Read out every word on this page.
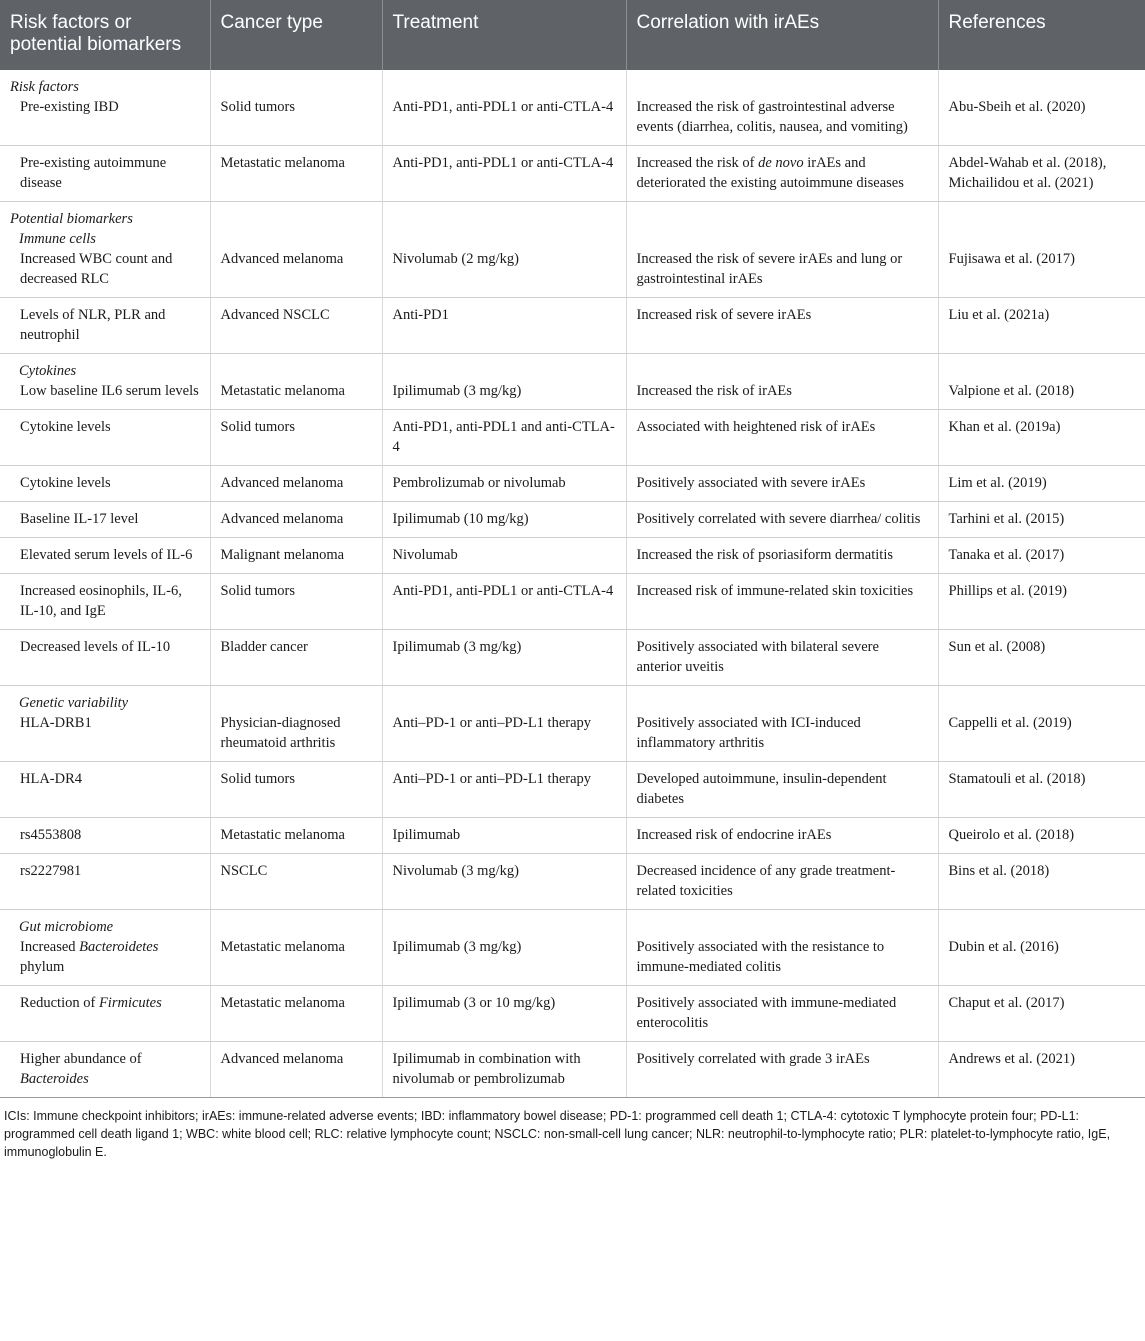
Risk factors or potential biomarkers	Cancer type	Treatment	Correlation with irAEs	References

Risk factors
Pre-existing IBD	Solid tumors	Anti-PD1, anti-PDL1 or anti-CTLA-4	Increased the risk of gastrointestinal adverse events (diarrhea, colitis, nausea, and vomiting)	Abu-Sbeih et al. (2020)
Pre-existing autoimmune disease	Metastatic melanoma	Anti-PD1, anti-PDL1 or anti-CTLA-4	Increased the risk of de novo irAEs and deteriorated the existing autoimmune diseases	Abdel-Wahab et al. (2018), Michailidou et al. (2021)

Potential biomarkers
Immune cells
Increased WBC count and decreased RLC	Advanced melanoma	Nivolumab (2 mg/kg)	Increased the risk of severe irAEs and lung or gastrointestinal irAEs	Fujisawa et al. (2017)
Levels of NLR, PLR and neutrophil	Advanced NSCLC	Anti-PD1	Increased risk of severe irAEs	Liu et al. (2021a)

Cytokines
Low baseline IL6 serum levels	Metastatic melanoma	Ipilimumab (3 mg/kg)	Increased the risk of irAEs	Valpione et al. (2018)
Cytokine levels	Solid tumors	Anti-PD1, anti-PDL1 and anti-CTLA-4	Associated with heightened risk of irAEs	Khan et al. (2019a)
Cytokine levels	Advanced melanoma	Pembrolizumab or nivolumab	Positively associated with severe irAEs	Lim et al. (2019)
Baseline IL-17 level	Advanced melanoma	Ipilimumab (10 mg/kg)	Positively correlated with severe diarrhea/ colitis	Tarhini et al. (2015)
Elevated serum levels of IL-6	Malignant melanoma	Nivolumab	Increased the risk of psoriasiform dermatitis	Tanaka et al. (2017)
Increased eosinophils, IL-6, IL-10, and IgE	Solid tumors	Anti-PD1, anti-PDL1 or anti-CTLA-4	Increased risk of immune-related skin toxicities	Phillips et al. (2019)
Decreased levels of IL-10	Bladder cancer	Ipilimumab (3 mg/kg)	Positively associated with bilateral severe anterior uveitis	Sun et al. (2008)

Genetic variability
HLA-DRB1	Physician-diagnosed rheumatoid arthritis	Anti–PD-1 or anti–PD-L1 therapy	Positively associated with ICI-induced inflammatory arthritis	Cappelli et al. (2019)
HLA-DR4	Solid tumors	Anti–PD-1 or anti–PD-L1 therapy	Developed autoimmune, insulin-dependent diabetes	Stamatouli et al. (2018)
rs4553808	Metastatic melanoma	Ipilimumab	Increased risk of endocrine irAEs	Queirolo et al. (2018)
rs2227981	NSCLC	Nivolumab (3 mg/kg)	Decreased incidence of any grade treatment-related toxicities	Bins et al. (2018)

Gut microbiome
Increased Bacteroidetes phylum	Metastatic melanoma	Ipilimumab (3 mg/kg)	Positively associated with the resistance to immune-mediated colitis	Dubin et al. (2016)
Reduction of Firmicutes	Metastatic melanoma	Ipilimumab (3 or 10 mg/kg)	Positively associated with immune-mediated enterocolitis	Chaput et al. (2017)
Higher abundance of Bacteroides	Advanced melanoma	Ipilimumab in combination with nivolumab or pembrolizumab	Positively correlated with grade 3 irAEs	Andrews et al. (2021)
ICIs: Immune checkpoint inhibitors; irAEs: immune-related adverse events; IBD: inflammatory bowel disease; PD-1: programmed cell death 1; CTLA-4: cytotoxic T lymphocyte protein four; PD-L1: programmed cell death ligand 1; WBC: white blood cell; RLC: relative lymphocyte count; NSCLC: non-small-cell lung cancer; NLR: neutrophil-to-lymphocyte ratio; PLR: platelet-to-lymphocyte ratio, IgE, immunoglobulin E.
